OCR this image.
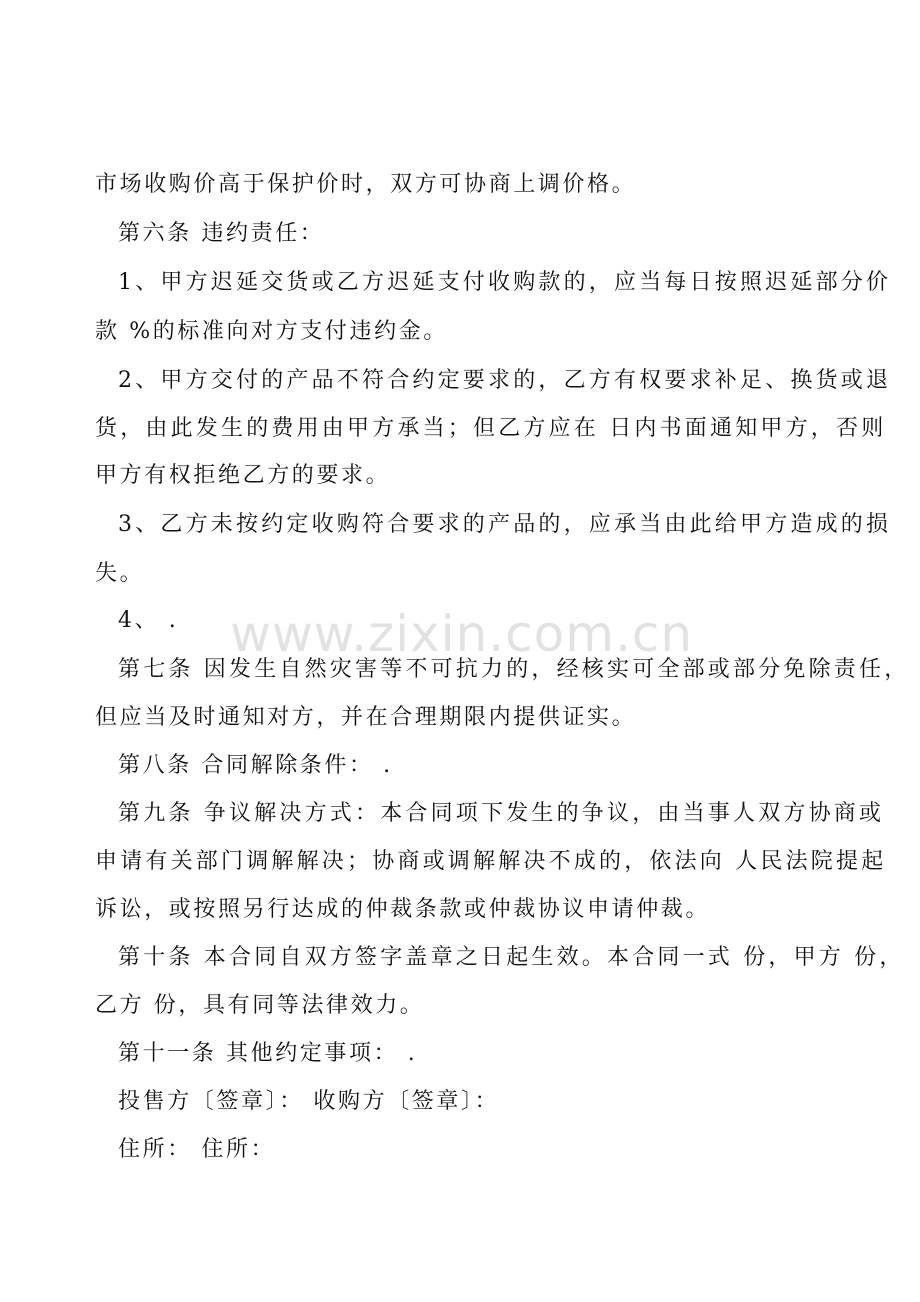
市场收购价高于保护价时，双方可协商上调价格。
第六条 违约责任：
1、甲方迟延交货或乙方迟延支付收购款的，应当每日按照迟延部分价
款 %的标准向对方支付违约金。
2、甲方交付的产品不符合约定要求的，乙方有权要求补足、换货或退
货，由此发生的费用由甲方承当；但乙方应在 日内书面通知甲方，否则
甲方有权拒绝乙方的要求。
3、乙方未按约定收购符合要求的产品的，应承当由此给甲方造成的损
失。
4、 .
第七条 因发生自然灾害等不可抗力的，经核实可全部或部分免除责任，
但应当及时通知对方，并在合理期限内提供证实。
第八条 合同解除条件： .
第九条 争议解决方式：本合同项下发生的争议，由当事人双方协商或
申请有关部门调解解决；协商或调解解决不成的，依法向 人民法院提起
诉讼，或按照另行达成的仲裁条款或仲裁协议申请仲裁。
第十条 本合同自双方签字盖章之日起生效。本合同一式 份，甲方 份，
乙方 份，具有同等法律效力。
第十一条 其他约定事项： .
投售方〔签章〕： 收购方〔签章〕：
住所： 住所：
www.zixin.com.cn
